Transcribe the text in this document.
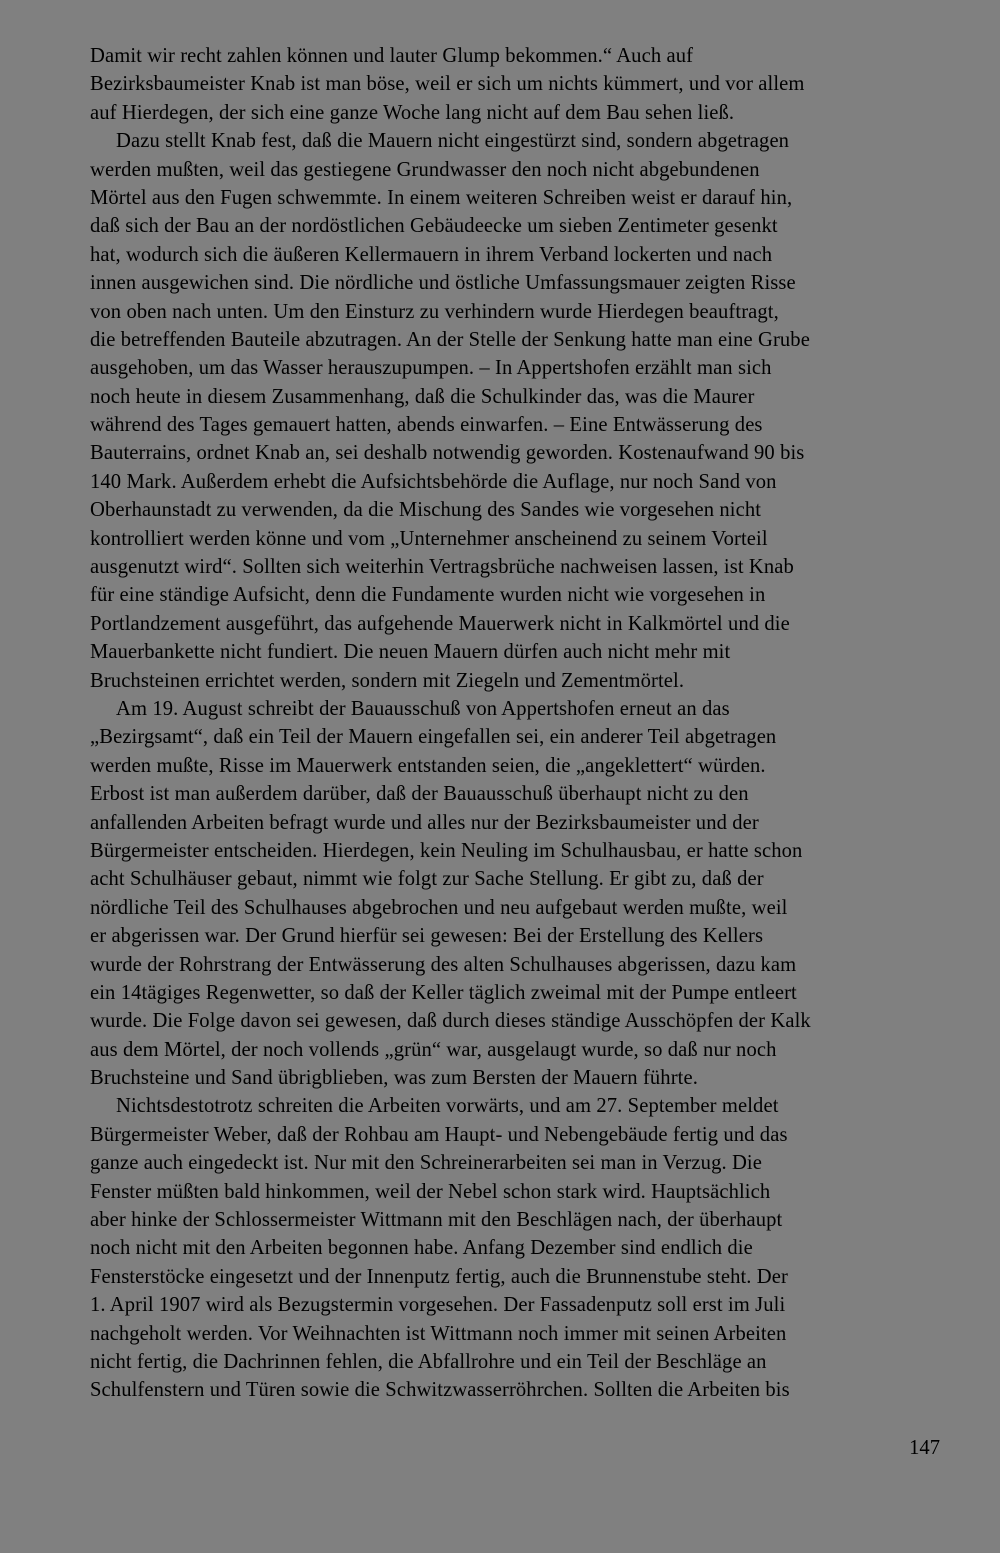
Damit wir recht zahlen können und lauter Glump bekommen.“ Auch auf
Bezirksbaumeister Knab ist man böse, weil er sich um nichts kümmert, und vor allem
auf Hierdegen, der sich eine ganze Woche lang nicht auf dem Bau sehen ließ.
Dazu stellt Knab fest, daß die Mauern nicht eingestürzt sind, sondern abgetragen
werden mußten, weil das gestiegene Grundwasser den noch nicht abgebundenen
Mörtel aus den Fugen schwemmte. In einem weiteren Schreiben weist er darauf hin,
daß sich der Bau an der nordöstlichen Gebäudeecke um sieben Zentimeter gesenkt
hat, wodurch sich die äußeren Kellermauern in ihrem Verband lockerten und nach
innen ausgewichen sind. Die nördliche und östliche Umfassungsmauer zeigten Risse
von oben nach unten. Um den Einsturz zu verhindern wurde Hierdegen beauftragt,
die betreffenden Bauteile abzutragen. An der Stelle der Senkung hatte man eine Grube
ausgehoben, um das Wasser herauszupumpen. – In Appertshofen erzählt man sich
noch heute in diesem Zusammenhang, daß die Schulkinder das, was die Maurer
während des Tages gemauert hatten, abends einwarfen. – Eine Entwässerung des
Bauterrains, ordnet Knab an, sei deshalb notwendig geworden. Kostenaufwand 90 bis
140 Mark. Außerdem erhebt die Aufsichtsbehörde die Auflage, nur noch Sand von
Oberhaunstadt zu verwenden, da die Mischung des Sandes wie vorgesehen nicht
kontrolliert werden könne und vom „Unternehmer anscheinend zu seinem Vorteil
ausgenutzt wird“. Sollten sich weiterhin Vertragsbrüche nachweisen lassen, ist Knab
für eine ständige Aufsicht, denn die Fundamente wurden nicht wie vorgesehen in
Portlandzement ausgeführt, das aufgehende Mauerwerk nicht in Kalkmörtel und die
Mauerbankette nicht fundiert. Die neuen Mauern dürfen auch nicht mehr mit
Bruchsteinen errichtet werden, sondern mit Ziegeln und Zementmörtel.
Am 19. August schreibt der Bauausschuß von Appertshofen erneut an das
„Bezirgsamt“, daß ein Teil der Mauern eingefallen sei, ein anderer Teil abgetragen
werden mußte, Risse im Mauerwerk entstanden seien, die „angeklettert“ würden.
Erbost ist man außerdem darüber, daß der Bauausschuß überhaupt nicht zu den
anfallenden Arbeiten befragt wurde und alles nur der Bezirksbaumeister und der
Bürgermeister entscheiden. Hierdegen, kein Neuling im Schulhausbau, er hatte schon
acht Schulhäuser gebaut, nimmt wie folgt zur Sache Stellung. Er gibt zu, daß der
nördliche Teil des Schulhauses abgebrochen und neu aufgebaut werden mußte, weil
er abgerissen war. Der Grund hierfür sei gewesen: Bei der Erstellung des Kellers
wurde der Rohrstrang der Entwässerung des alten Schulhauses abgerissen, dazu kam
ein 14tägiges Regenwetter, so daß der Keller täglich zweimal mit der Pumpe entleert
wurde. Die Folge davon sei gewesen, daß durch dieses ständige Ausschöpfen der Kalk
aus dem Mörtel, der noch vollends „grün“ war, ausgelaugt wurde, so daß nur noch
Bruchsteine und Sand übrigblieben, was zum Bersten der Mauern führte.
Nichtsdestotrotz schreiten die Arbeiten vorwärts, und am 27. September meldet
Bürgermeister Weber, daß der Rohbau am Haupt- und Nebengebäude fertig und das
ganze auch eingedeckt ist. Nur mit den Schreinerarbeiten sei man in Verzug. Die
Fenster müßten bald hinkommen, weil der Nebel schon stark wird. Hauptsächlich
aber hinke der Schlossermeister Wittmann mit den Beschlägen nach, der überhaupt
noch nicht mit den Arbeiten begonnen habe. Anfang Dezember sind endlich die
Fensterstöcke eingesetzt und der Innenputz fertig, auch die Brunnenstube steht. Der
1. April 1907 wird als Bezugstermin vorgesehen. Der Fassadenputz soll erst im Juli
nachgeholt werden. Vor Weihnachten ist Wittmann noch immer mit seinen Arbeiten
nicht fertig, die Dachrinnen fehlen, die Abfallrohre und ein Teil der Beschläge an
Schulfenstern und Türen sowie die Schwitzwasserröhrchen. Sollten die Arbeiten bis
147
